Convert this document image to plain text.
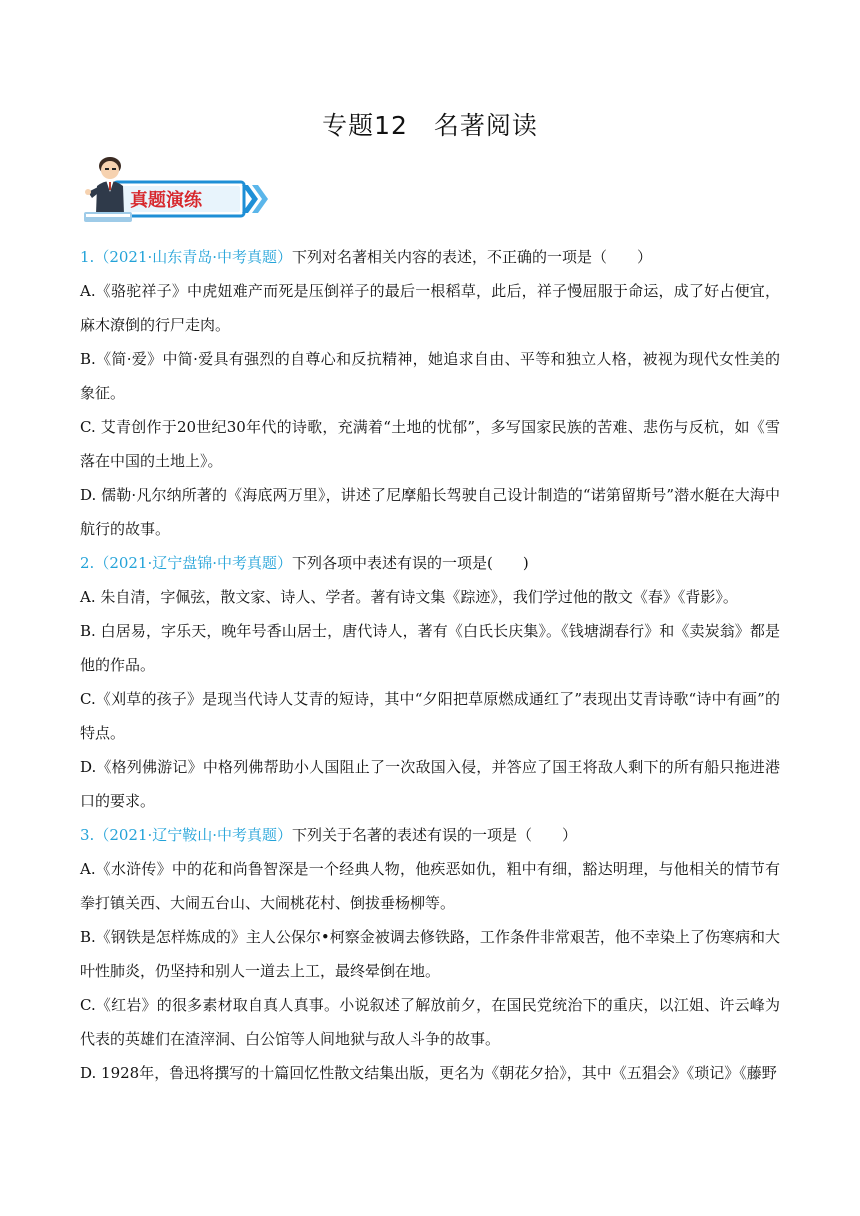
专题12 名著阅读
真题演练

1.（2021·山东青岛·中考真题）下列对名著相关内容的表述，不正确的一项是（　　）

A.《骆驼祥子》中虎妞难产而死是压倒祥子的最后一根稻草，此后，祥子慢屈服于命运，成了好占便宜，麻木潦倒的行尸走肉。

B.《简·爱》中简·爱具有强烈的自尊心和反抗精神，她追求自由、平等和独立人格，被视为现代女性美的象征。

C. 艾青创作于20世纪30年代的诗歌，充满着“土地的忧郁”，多写国家民族的苦难、悲伤与反杭，如《雪落在中国的土地上》。

D. 儒勒·凡尔纳所著的《海底两万里》，讲述了尼摩船长驾驶自己设计制造的“诺第留斯号”潜水艇在大海中航行的故事。

2.（2021·辽宁盘锦·中考真题）下列各项中表述有误的一项是(　　)

A. 朱自清，字佩弦，散文家、诗人、学者。著有诗文集《踪迹》，我们学过他的散文《春》《背影》。

B. 白居易，字乐天，晚年号香山居士，唐代诗人，著有《白氏长庆集》。《钱塘湖春行》和《卖炭翁》都是他的作品。

C.《刈草的孩子》是现当代诗人艾青的短诗，其中“夕阳把草原燃成通红了”表现出艾青诗歌“诗中有画”的特点。

D.《格列佛游记》中格列佛帮助小人国阻止了一次敌国入侵，并答应了国王将敌人剩下的所有船只拖进港口的要求。

3.（2021·辽宁鞍山·中考真题）下列关于名著的表述有误的一项是（　　）

A.《水浒传》中的花和尚鲁智深是一个经典人物，他疾恶如仇，粗中有细，豁达明理，与他相关的情节有拳打镇关西、大闹五台山、大闹桃花村、倒拔垂杨柳等。

B.《钢铁是怎样炼成的》主人公保尔•柯察金被调去修铁路，工作条件非常艰苦，他不幸染上了伤寒病和大叶性肺炎，仍坚持和别人一道去上工，最终晕倒在地。

C.《红岩》的很多素材取自真人真事。小说叙述了解放前夕，在国民党统治下的重庆，以江姐、许云峰为代表的英雄们在渣滓洞、白公馆等人间地狱与敌人斗争的故事。

D. 1928年，鲁迅将撰写的十篇回忆性散文结集出版，更名为《朝花夕拾》，其中《五猖会》《琐记》《藤野
